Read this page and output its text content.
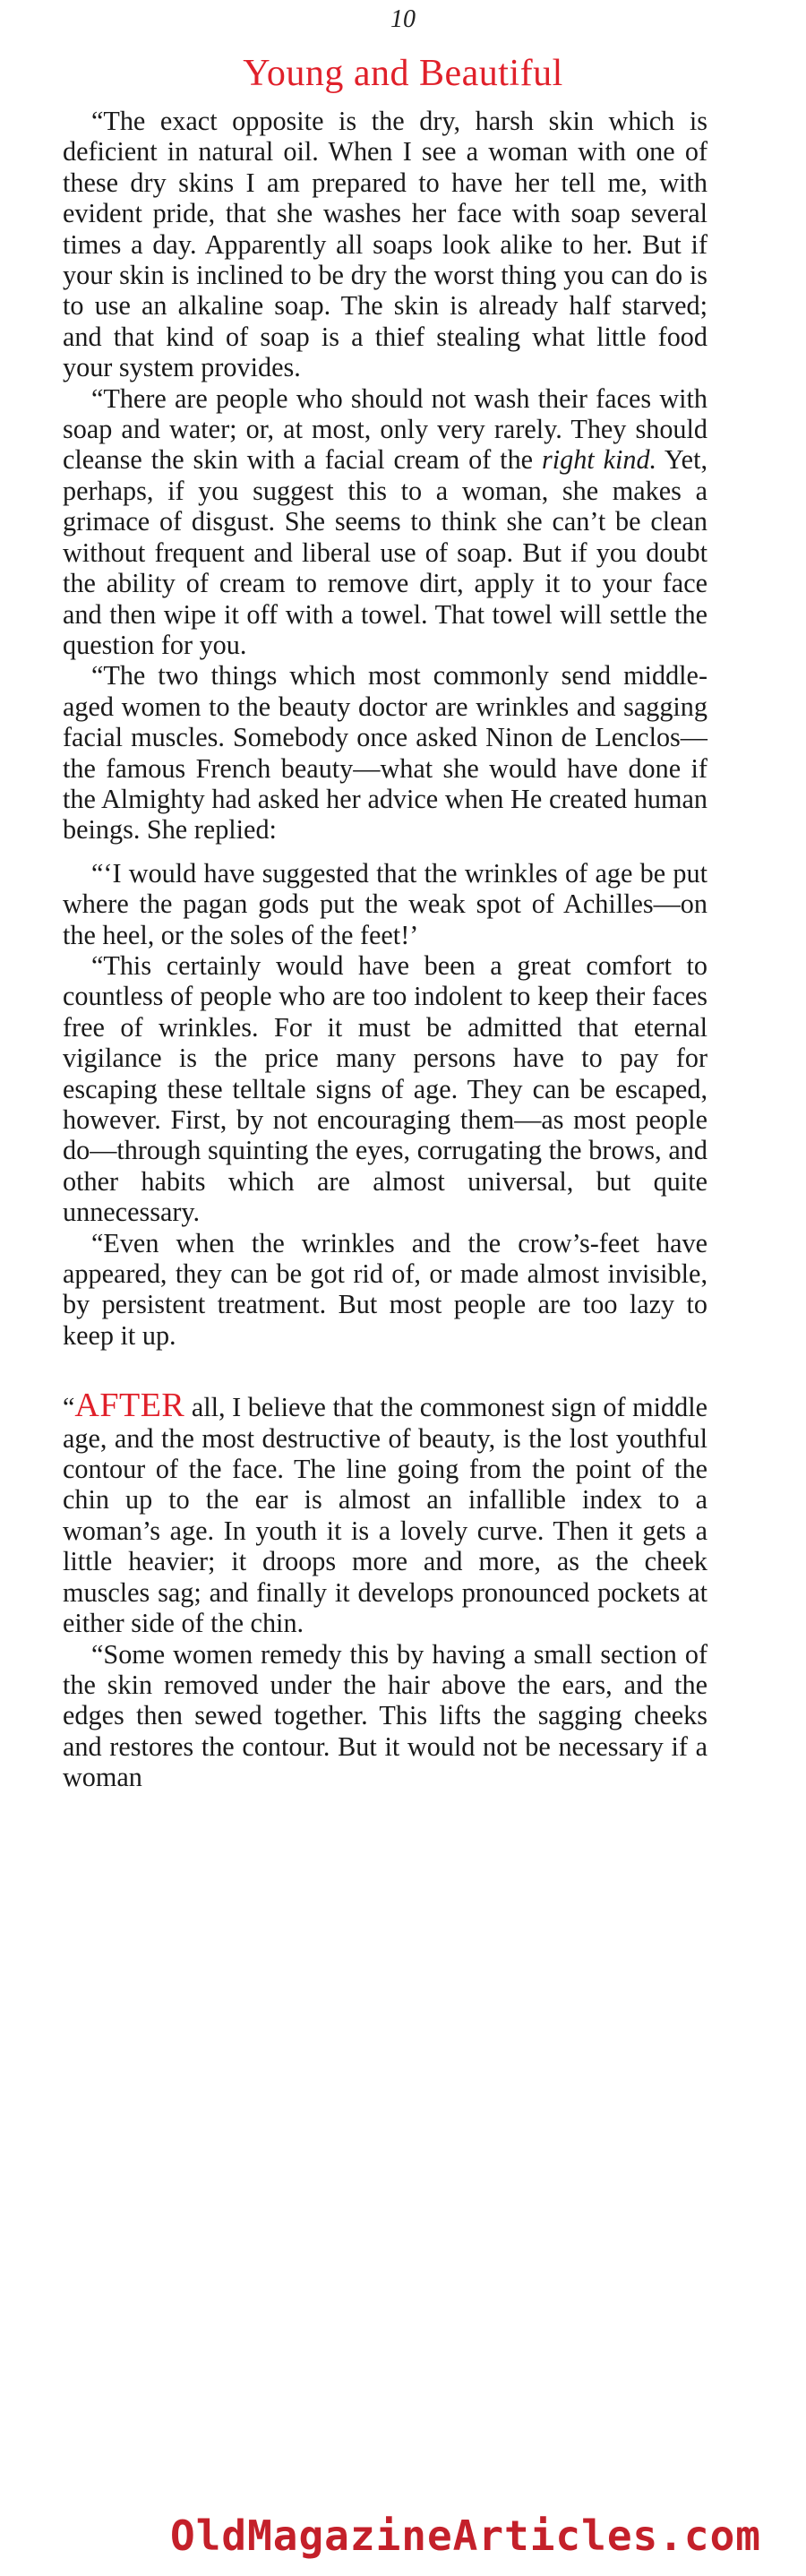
10
Young and Beautiful

“The exact opposite is the dry, harsh skin which is deficient in natural oil. When I see a woman with one of these dry skins I am prepared to have her tell me, with evident pride, that she washes her face with soap several times a day. Apparently all soaps look alike to her. But if your skin is inclined to be dry the worst thing you can do is to use an alkaline soap. The skin is already half starved; and that kind of soap is a thief stealing what little food your system provides.

“There are people who should not wash their faces with soap and water; or, at most, only very rarely. They should cleanse the skin with a facial cream of the right kind. Yet, perhaps, if you suggest this to a woman, she makes a grimace of disgust. She seems to think she can’t be clean without frequent and liberal use of soap. But if you doubt the ability of cream to remove dirt, apply it to your face and then wipe it off with a towel. That towel will settle the question for you.

“The two things which most commonly send middle-aged women to the beauty doctor are wrinkles and sagging facial muscles. Somebody once asked Ninon de Lenclos—the famous French beauty—what she would have done if the Almighty had asked her advice when He created human beings. She replied:

“‘I would have suggested that the wrinkles of age be put where the pagan gods put the weak spot of Achilles—on the heel, or the soles of the feet!’

“This certainly would have been a great comfort to countless of people who are too indolent to keep their faces free of wrinkles. For it must be admitted that eternal vigilance is the price many persons have to pay for escaping these telltale signs of age. They can be escaped, however. First, by not encouraging them—as most people do—through squinting the eyes, corrugating the brows, and other habits which are almost universal, but quite unnecessary.

“Even when the wrinkles and the crow’s-feet have appeared, they can be got rid of, or made almost invisible, by persistent treatment. But most people are too lazy to keep it up.

“AFTER all, I believe that the commonest sign of middle age, and the most destructive of beauty, is the lost youthful contour of the face. The line going from the point of the chin up to the ear is almost an infallible index to a woman’s age. In youth it is a lovely curve. Then it gets a little heavier; it droops more and more, as the cheek muscles sag; and finally it develops pronounced pockets at either side of the chin.

“Some women remedy this by having a small section of the skin removed under the hair above the ears, and the edges then sewed together. This lifts the sagging cheeks and restores the contour. But it would not be necessary if a woman

OldMagazineArticles.com
